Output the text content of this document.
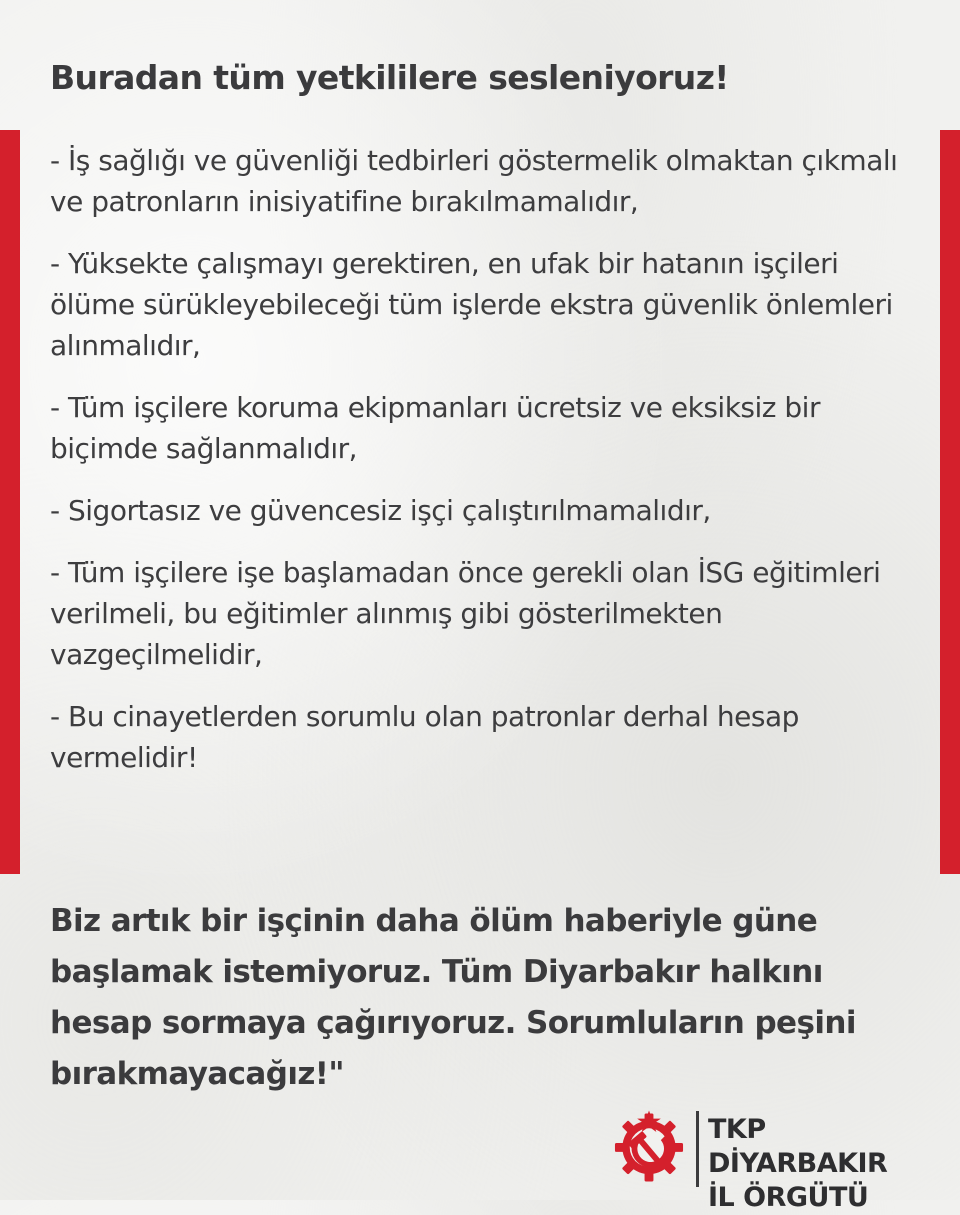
Buradan tüm yetkililere sesleniyoruz!
- İş sağlığı ve güvenliği tedbirleri göstermelik olmaktan çıkmalı ve patronların inisiyatifine bırakılmamalıdır,
- Yüksekte çalışmayı gerektiren, en ufak bir hatanın işçileri ölüme sürükleyebileceği tüm işlerde ekstra güvenlik önlemleri alınmalıdır,
- Tüm işçilere koruma ekipmanları ücretsiz ve eksiksiz bir biçimde sağlanmalıdır,
- Sigortasız ve güvencesiz işçi çalıştırılmamalıdır,
- Tüm işçilere işe başlamadan önce gerekli olan İSG eğitimleri verilmeli, bu eğitimler alınmış gibi gösterilmekten vazgeçilmelidir,
- Bu cinayetlerden sorumlu olan patronlar derhal hesap vermelidir!

Biz artık bir işçinin daha ölüm haberiyle güne başlamak istemiyoruz. Tüm Diyarbakır halkını hesap sormaya çağırıyoruz. Sorumluların peşini bırakmayacağız!"

TKP DİYARBAKIR
İL ÖRGÜTÜ
